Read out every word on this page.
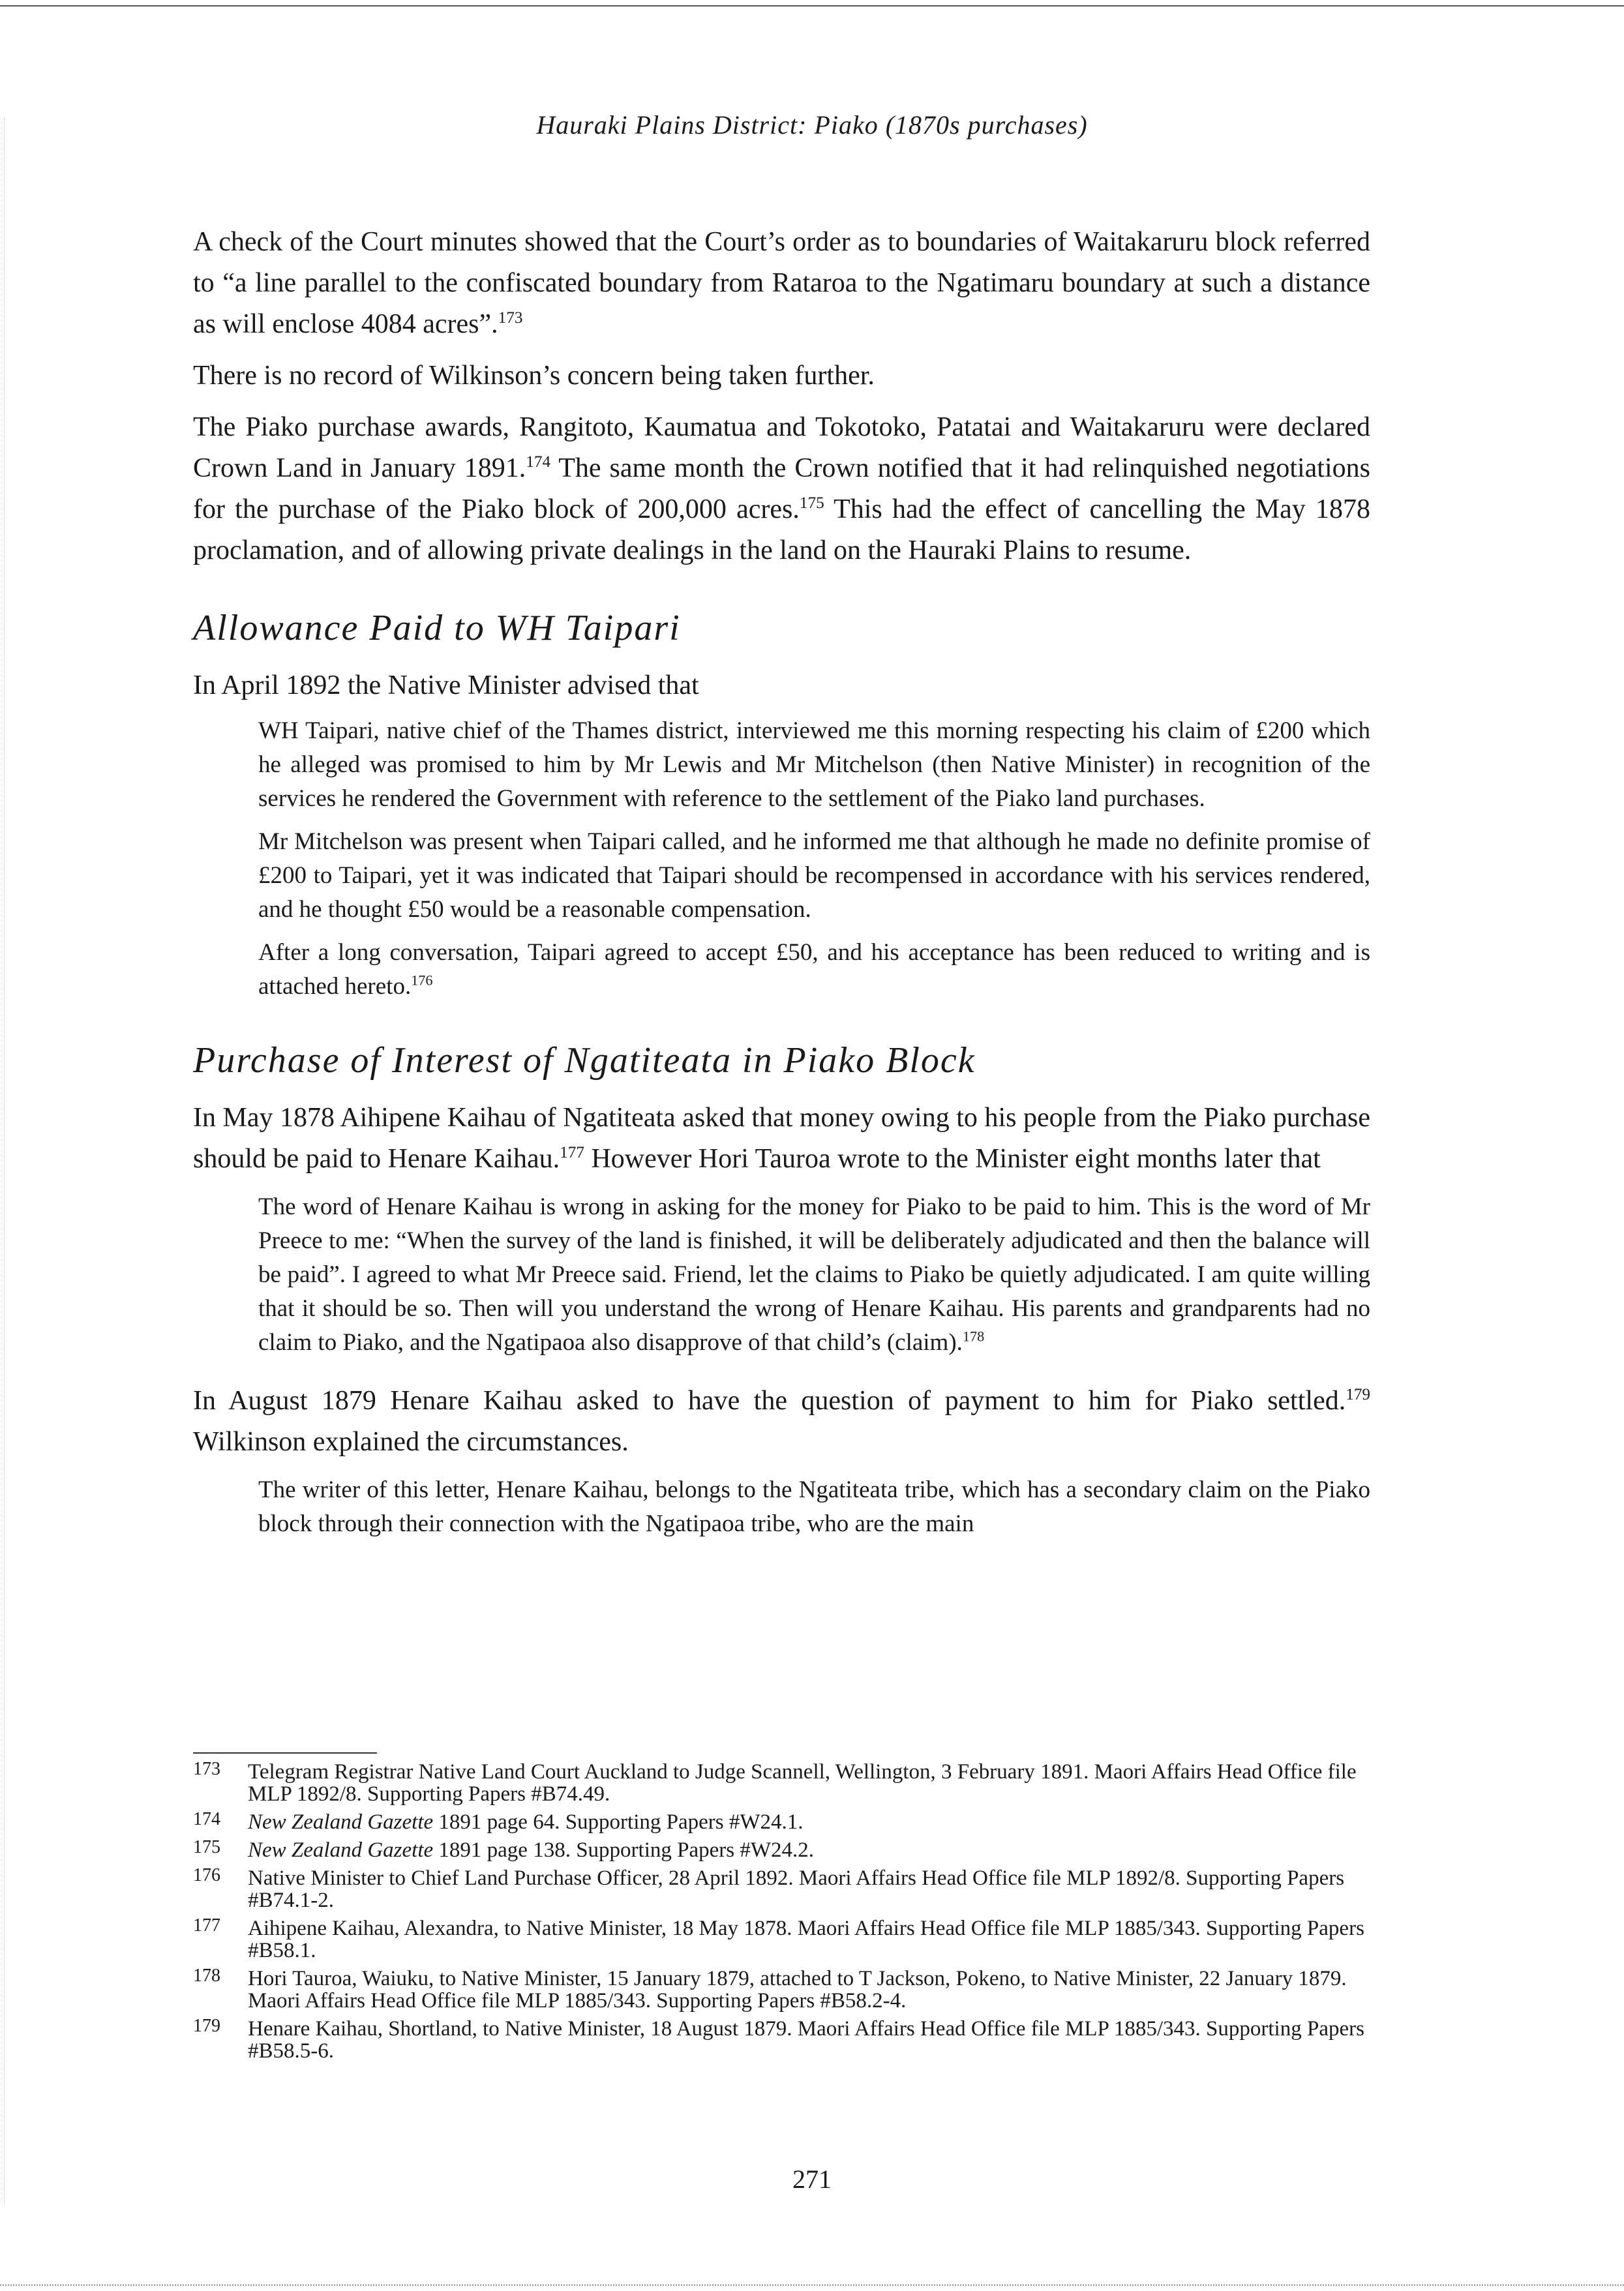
Hauraki Plains District: Piako (1870s purchases)

A check of the Court minutes showed that the Court’s order as to boundaries of Waitakaruru block referred to “a line parallel to the confiscated boundary from Rataroa to the Ngatimaru boundary at such a distance as will enclose 4084 acres”.$^{173}$

There is no record of Wilkinson’s concern being taken further.

The Piako purchase awards, Rangitoto, Kaumatua and Tokotoko, Patatai and Waitakaruru were declared Crown Land in January 1891.$^{174}$ The same month the Crown notified that it had relinquished negotiations for the purchase of the Piako block of 200,000 acres.$^{175}$ This had the effect of cancelling the May 1878 proclamation, and of allowing private dealings in the land on the Hauraki Plains to resume.

Allowance Paid to WH Taipari

In April 1892 the Native Minister advised that

WH Taipari, native chief of the Thames district, interviewed me this morning respecting his claim of £200 which he alleged was promised to him by Mr Lewis and Mr Mitchelson (then Native Minister) in recognition of the services he rendered the Government with reference to the settlement of the Piako land purchases.

Mr Mitchelson was present when Taipari called, and he informed me that although he made no definite promise of £200 to Taipari, yet it was indicated that Taipari should be recompensed in accordance with his services rendered, and he thought £50 would be a reasonable compensation.

After a long conversation, Taipari agreed to accept £50, and his acceptance has been reduced to writing and is attached hereto.$^{176}$

Purchase of Interest of Ngatiteata in Piako Block

In May 1878 Aihipene Kaihau of Ngatiteata asked that money owing to his people from the Piako purchase should be paid to Henare Kaihau.$^{177}$ However Hori Tauroa wrote to the Minister eight months later that

The word of Henare Kaihau is wrong in asking for the money for Piako to be paid to him. This is the word of Mr Preece to me: “When the survey of the land is finished, it will be deliberately adjudicated and then the balance will be paid”. I agreed to what Mr Preece said. Friend, let the claims to Piako be quietly adjudicated. I am quite willing that it should be so. Then will you understand the wrong of Henare Kaihau. His parents and grandparents had no claim to Piako, and the Ngatipaoa also disapprove of that child’s (claim).$^{178}$

In August 1879 Henare Kaihau asked to have the question of payment to him for Piako settled.$^{179}$ Wilkinson explained the circumstances.

The writer of this letter, Henare Kaihau, belongs to the Ngatiteata tribe, which has a secondary claim on the Piako block through their connection with the Ngatipaoa tribe, who are the main

173 Telegram Registrar Native Land Court Auckland to Judge Scannell, Wellington, 3 February 1891. Maori Affairs Head Office file MLP 1892/8. Supporting Papers #B74.49.
174 New Zealand Gazette 1891 page 64. Supporting Papers #W24.1.
175 New Zealand Gazette 1891 page 138. Supporting Papers #W24.2.
176 Native Minister to Chief Land Purchase Officer, 28 April 1892. Maori Affairs Head Office file MLP 1892/8. Supporting Papers #B74.1-2.
177 Aihipene Kaihau, Alexandra, to Native Minister, 18 May 1878. Maori Affairs Head Office file MLP 1885/343. Supporting Papers #B58.1.
178 Hori Tauroa, Waiuku, to Native Minister, 15 January 1879, attached to T Jackson, Pokeno, to Native Minister, 22 January 1879. Maori Affairs Head Office file MLP 1885/343. Supporting Papers #B58.2-4.
179 Henare Kaihau, Shortland, to Native Minister, 18 August 1879. Maori Affairs Head Office file MLP 1885/343. Supporting Papers #B58.5-6.
271
